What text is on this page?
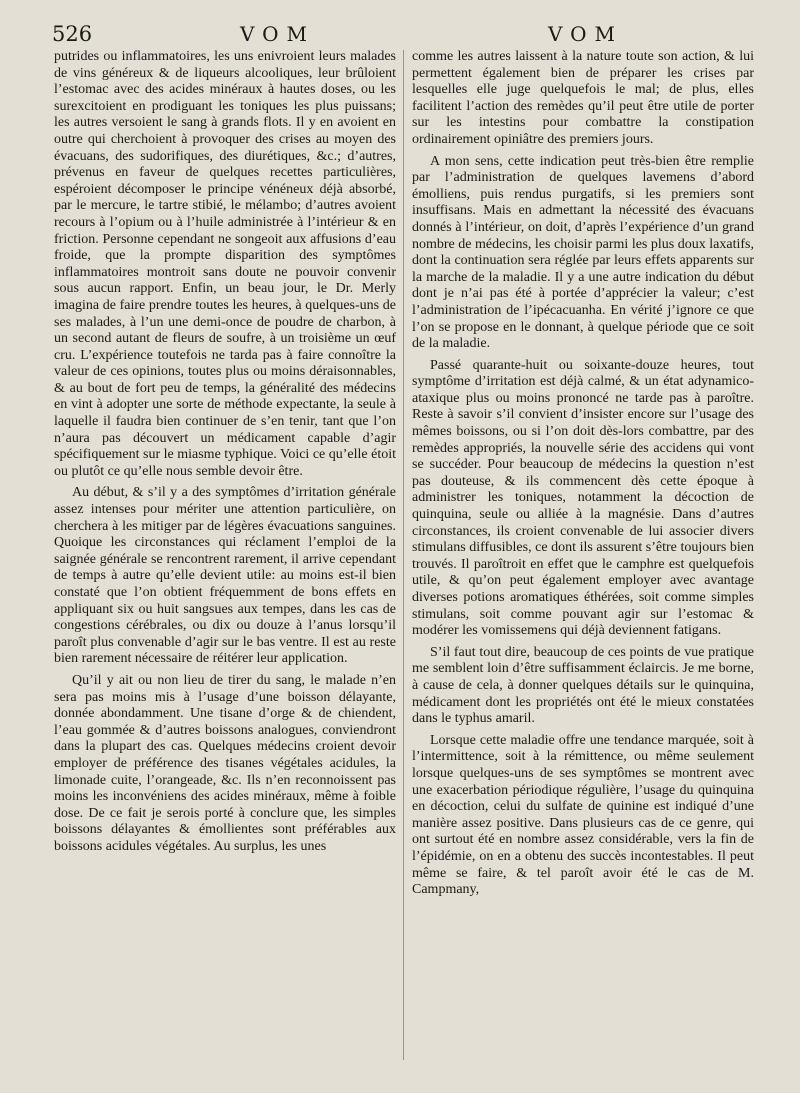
526	VOM	VOM

putrides ou inflammatoires, les uns enivroient leurs malades de vins généreux & de liqueurs alcooliques, leur brûloient l’estomac avec des acides minéraux à hautes doses, ou les surexcitoient en prodiguant les toniques les plus puissans; les autres versoient le sang à grands flots. Il y en avoient en outre qui cherchoient à provoquer des crises au moyen des évacuans, des sudorifiques, des diurétiques, &c.; d’autres, prévenus en faveur de quelques recettes particulières, espéroient décomposer le principe vénéneux déjà absorbé, par le mercure, le tartre stibié, le mélambo; d’autres avoient recours à l’opium ou à l’huile administrée à l’intérieur & en friction. Personne cependant ne songeoit aux affusions d’eau froide, que la prompte disparition des symptômes inflammatoires montroit sans doute ne pouvoir convenir sous aucun rapport. Enfin, un beau jour, le Dr. Merly imagina de faire prendre toutes les heures, à quelques-uns de ses malades, à l’un une demi-once de poudre de charbon, à un second autant de fleurs de soufre, à un troisième un œuf cru. L’expérience toutefois ne tarda pas à faire connoître la valeur de ces opinions, toutes plus ou moins déraisonnables, & au bout de fort peu de temps, la généralité des médecins en vint à adopter une sorte de méthode expectante, la seule à laquelle il faudra bien continuer de s’en tenir, tant que l’on n’aura pas découvert un médicament capable d’agir spécifiquement sur le miasme typhique. Voici ce qu’elle étoit ou plutôt ce qu’elle nous semble devoir être.

Au début, & s’il y a des symptômes d’irritation générale assez intenses pour mériter une attention particulière, on cherchera à les mitiger par de légères évacuations sanguines. Quoique les circonstances qui réclament l’emploi de la saignée générale se rencontrent rarement, il arrive cependant de temps à autre qu’elle devient utile: au moins est-il bien constaté que l’on obtient fréquemment de bons effets en appliquant six ou huit sangsues aux tempes, dans les cas de congestions cérébrales, ou dix ou douze à l’anus lorsqu’il paroît plus convenable d’agir sur le bas ventre. Il est au reste bien rarement nécessaire de réitérer leur application.

Qu’il y ait ou non lieu de tirer du sang, le malade n’en sera pas moins mis à l’usage d’une boisson délayante, donnée abondamment. Une tisane d’orge & de chiendent, l’eau gommée & d’autres boissons analogues, conviendront dans la plupart des cas. Quelques médecins croient devoir employer de préférence des tisanes végétales acidules, la limonade cuite, l’orangeade, &c. Ils n’en reconnoissent pas moins les inconvéniens des acides minéraux, même à foible dose. De ce fait je serois porté à conclure que, les simples boissons délayantes & émollientes sont préférables aux boissons acidules végétales. Au surplus, les unes

comme les autres laissent à la nature toute son action, & lui permettent également bien de préparer les crises par lesquelles elle juge quelquefois le mal; de plus, elles facilitent l’action des remèdes qu’il peut être utile de porter sur les intestins pour combattre la constipation ordinairement opiniâtre des premiers jours.

A mon sens, cette indication peut très-bien être remplie par l’administration de quelques lavemens d’abord émolliens, puis rendus purgatifs, si les premiers sont insuffisans. Mais en admettant la nécessité des évacuans donnés à l’intérieur, on doit, d’après l’expérience d’un grand nombre de médecins, les choisir parmi les plus doux laxatifs, dont la continuation sera réglée par leurs effets apparents sur la marche de la maladie. Il y a une autre indication du début dont je n’ai pas été à portée d’apprécier la valeur; c’est l’administration de l’ipécacuanha. En vérité j’ignore ce que l’on se propose en le donnant, à quelque période que ce soit de la maladie.

Passé quarante-huit ou soixante-douze heures, tout symptôme d’irritation est déjà calmé, & un état adynamico-ataxique plus ou moins prononcé ne tarde pas à paroître. Reste à savoir s’il convient d’insister encore sur l’usage des mêmes boissons, ou si l’on doit dès-lors combattre, par des remèdes appropriés, la nouvelle série des accidens qui vont se succéder. Pour beaucoup de médecins la question n’est pas douteuse, & ils commencent dès cette époque à administrer les toniques, notamment la décoction de quinquina, seule ou alliée à la magnésie. Dans d’autres circonstances, ils croient convenable de lui associer divers stimulans diffusibles, ce dont ils assurent s’être toujours bien trouvés. Il paroîtroit en effet que le camphre est quelquefois utile, & qu’on peut également employer avec avantage diverses potions aromatiques éthérées, soit comme simples stimulans, soit comme pouvant agir sur l’estomac & modérer les vomissemens qui déjà deviennent fatigans.

S’il faut tout dire, beaucoup de ces points de vue pratique me semblent loin d’être suffisamment éclaircis. Je me borne, à cause de cela, à donner quelques détails sur le quinquina, médicament dont les propriétés ont été le mieux constatées dans le typhus amaril.

Lorsque cette maladie offre une tendance marquée, soit à l’intermittence, soit à la rémittence, ou même seulement lorsque quelques-uns de ses symptômes se montrent avec une exacerbation périodique régulière, l’usage du quinquina en décoction, celui du sulfate de quinine est indiqué d’une manière assez positive. Dans plusieurs cas de ce genre, qui ont surtout été en nombre assez considérable, vers la fin de l’épidémie, on en a obtenu des succès incontestables. Il peut même se faire, & tel paroît avoir été le cas de M. Campmany,
